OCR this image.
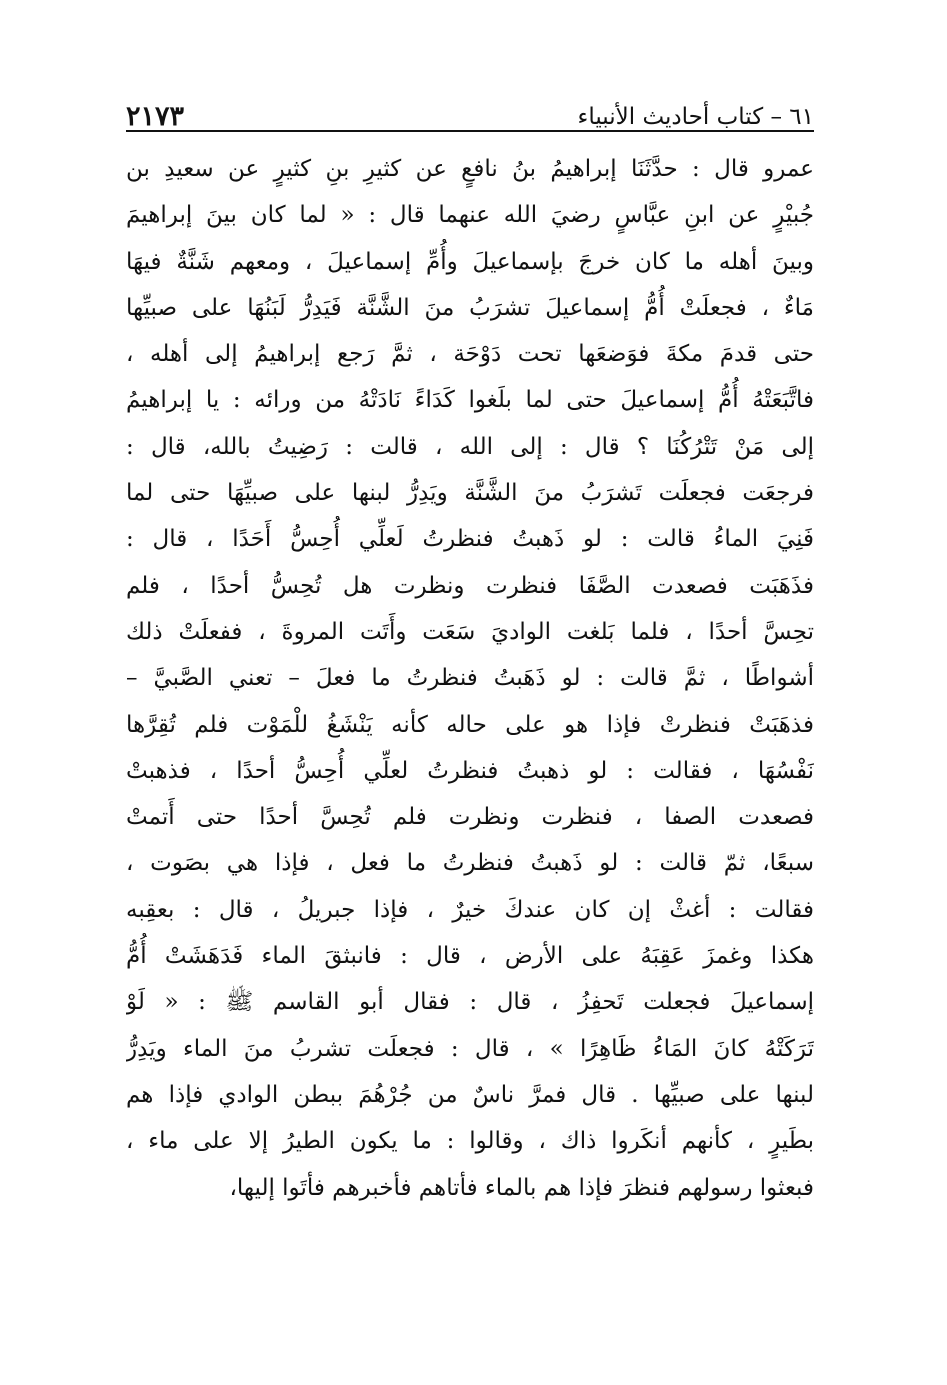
٦١ – كتاب أحاديث الأنبياء
٢١٧٣
عمرو قال : حدَّثَنَا إبراهيمُ بنُ نافعٍ عن كثيرِ بنِ كثيرٍ عن سعيدِ بن
جُبيْرٍ عن ابنِ عبَّاسٍ رضيَ الله عنهما قال : « لما كان بينَ إبراهيمَ
وبينَ أهله ما كان خرجَ بإسماعيلَ وأُمِّ إسماعيلَ ، ومعهم شَنَّةٌ فيهَا
مَاءٌ ، فجعلَتْ أُمُّ إسماعيلَ تشرَبُ منَ الشَّنَّة فَيَدِرُّ لَبَنُهَا على صبيِّها
حتى قدمَ مكةَ فوَضعَها تحت دَوْحَة ، ثمَّ رَجع إبراهيمُ إلى أهله ،
فاتَّبَعَتْهُ أُمُّ إسماعيلَ حتى لما بلَغوا كَدَاءً نَادَتْهُ من ورائه : يا إبراهيمُ
إلى مَنْ تَتْرُكُنَا ؟ قال : إلى الله ، قالت : رَضِيتُ بالله، قال :
فرجعَت فجعلَت تَشرَبُ منَ الشَّنَّة ويَدِرُّ لبنها على صبيِّهَا حتى لما
فَنِيَ الماءُ قالت : لو ذَهبتُ فنظرتُ لَعلِّي أُحِسُّ أَحَدًا ، قال :
فذَهَبَت فصعدت الصَّفَا فنظرت ونظرت هل تُحِسُّ أحدًا ، فلم
تحِسَّ أحدًا ، فلما بَلغت الواديَ سَعَت وأَتَت المروةَ ، ففعلَتْ ذلك
أشواطًا ، ثمَّ قالت : لو ذَهَبتُ فنظرتُ ما فعلَ – تعني الصَّبيَّ –
فذهَبَتْ فنظرتْ فإذا هو على حاله كأنه يَنْشَغُ للْمَوْت فلم تُقِرَّها
نَفْسُهَا ، فقالت : لو ذهبتُ فنظرتُ لعلِّي أُحِسُّ أحدًا ، فذهبتْ
فصعدت الصفا ، فنظرت ونظرت فلم تُحِسَّ أحدًا حتى أَتمتْ
سبعًا، ثمّ قالت : لو ذَهبتُ فنظرتُ ما فعل ، فإذا هي بصَوت ،
فقالت : أغثْ إن كان عندكَ خيرٌ ، فإذا جبريلُ ، قال : بعقِبه
هكذا وغمزَ عَقِبَهُ على الأرض ، قال : فانبثقَ الماء فَدَهَشَتْ أُمُّ
إسماعيلَ فجعلت تَحفِزُ ، قال : فقال أبو القاسم ﷺ : « لَوْ
تَرَكَتْهُ كانَ المَاءُ ظَاهِرًا » ، قال : فجعلَت تشربُ منَ الماء ويَدِرُّ
لبنها على صبيِّها . قال فمرَّ ناسٌ من جُرْهُمَ ببطن الوادي فإذا هم
بطَيرٍ ، كأنهم أنكَروا ذاك ، وقالوا : ما يكون الطيرُ إلا على ماء ،
فبعثوا رسولهم فنظرَ فإذا هم بالماء فأتاهم فأخبرهم فأتَوا إليها،
